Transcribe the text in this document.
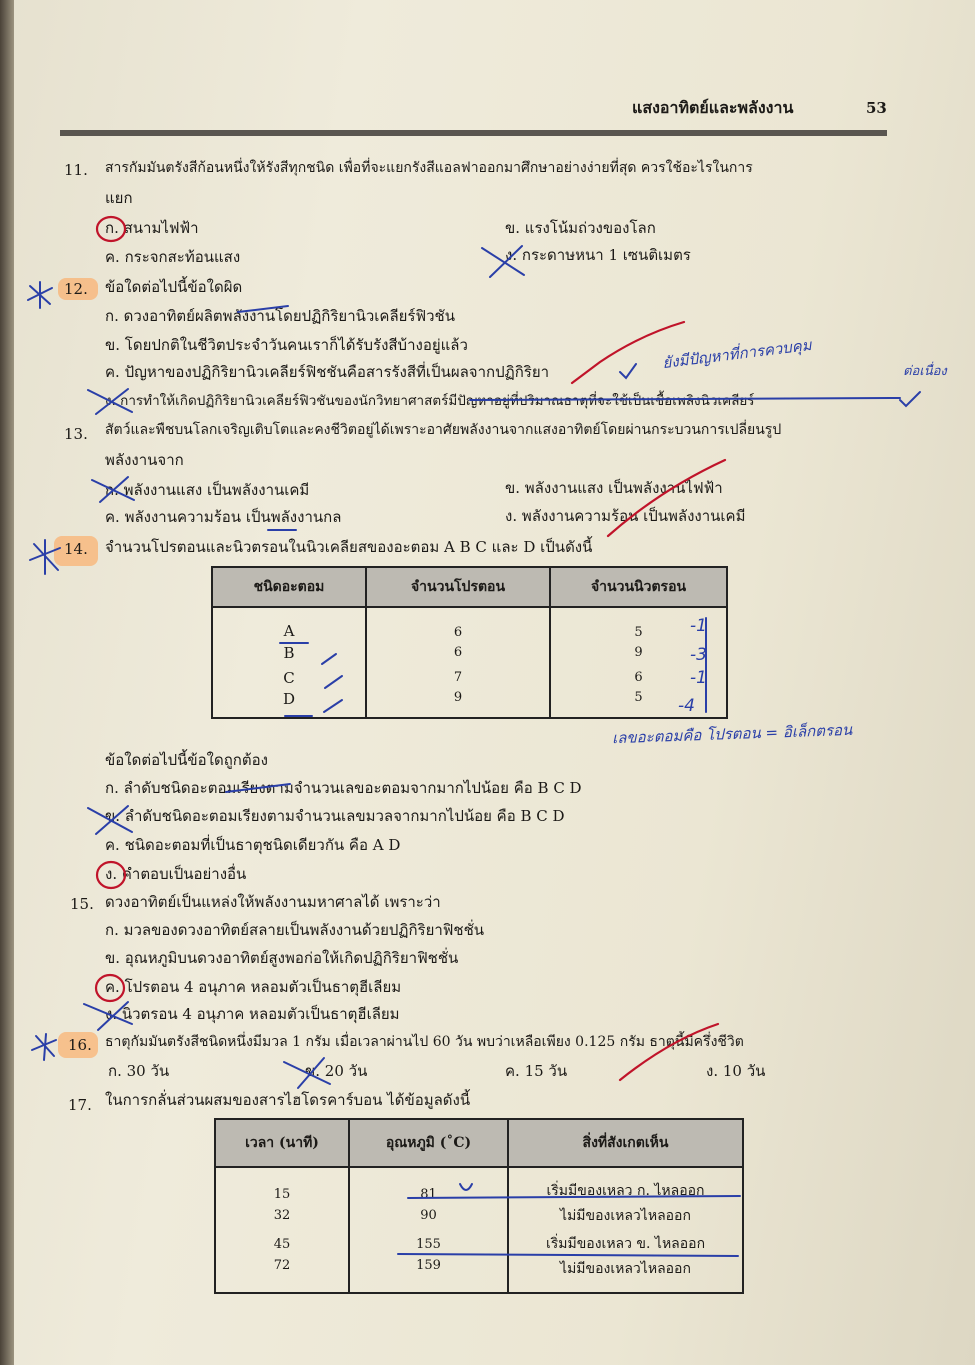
แสงอาทิตย์และพลังงาน	53
11. สารกัมมันตรังสีก้อนหนึ่งให้รังสีทุกชนิด เพื่อที่จะแยกรังสีแอลฟาออกมาศึกษาอย่างง่ายที่สุด ควรใช้อะไรในการ
แยก
ก. สนามไฟฟ้า	ข. แรงโน้มถ่วงของโลก
ค. กระจกสะท้อนแสง	ง. กระดาษหนา 1 เซนติเมตร
12. ข้อใดต่อไปนี้ข้อใดผิด
ก. ดวงอาทิตย์ผลิตพลังงานโดยปฏิกิริยานิวเคลียร์ฟิวชัน
ข. โดยปกติในชีวิตประจำวันคนเราก็ได้รับรังสีบ้างอยู่แล้ว
ค. ปัญหาของปฏิกิริยานิวเคลียร์ฟิชชันคือสารรังสีที่เป็นผลจากปฏิกิริยา
ง. การทำให้เกิดปฏิกิริยานิวเคลียร์ฟิวชันของนักวิทยาศาสตร์มีปัญหาอยู่ที่ปริมาณธาตุที่จะใช้เป็นเชื้อเพลิงนิวเคลียร์
13. สัตว์และพืชบนโลกเจริญเติบโตและคงชีวิตอยู่ได้เพราะอาศัยพลังงานจากแสงอาทิตย์โดยผ่านกระบวนการเปลี่ยนรูป
พลังงานจาก
ก. พลังงานแสง เป็นพลังงานเคมี	ข. พลังงานแสง เป็นพลังงานไฟฟ้า
ค. พลังงานความร้อน เป็นพลังงานกล	ง. พลังงานความร้อน เป็นพลังงานเคมี
14. จำนวนโปรตอนและนิวตรอนในนิวเคลียสของอะตอม A B C และ D เป็นดังนี้
ชนิดอะตอม	จำนวนโปรตอน	จำนวนนิวตรอน
A	6	5
B	6	9
C	7	6
D	9	5
ข้อใดต่อไปนี้ข้อใดถูกต้อง
ก. ลำดับชนิดอะตอมเรียงตามจำนวนเลขอะตอมจากมากไปน้อย คือ B C D
ข. ลำดับชนิดอะตอมเรียงตามจำนวนเลขมวลจากมากไปน้อย คือ B C D
ค. ชนิดอะตอมที่เป็นธาตุชนิดเดียวกัน คือ A D
ง. คำตอบเป็นอย่างอื่น
15. ดวงอาทิตย์เป็นแหล่งให้พลังงานมหาศาลได้ เพราะว่า
ก. มวลของดวงอาทิตย์สลายเป็นพลังงานด้วยปฏิกิริยาฟิชชั่น
ข. อุณหภูมิบนดวงอาทิตย์สูงพอก่อให้เกิดปฏิกิริยาฟิชชั่น
ค. โปรตอน 4 อนุภาค หลอมตัวเป็นธาตุฮีเลียม
ง. นิวตรอน 4 อนุภาค หลอมตัวเป็นธาตุฮีเลียม
16. ธาตุกัมมันตรังสีชนิดหนึ่งมีมวล 1 กรัม เมื่อเวลาผ่านไป 60 วัน พบว่าเหลือเพียง 0.125 กรัม ธาตุนี้มีครึ่งชีวิต
ก. 30 วัน	ข. 20 วัน	ค. 15 วัน	ง. 10 วัน
17. ในการกลั่นส่วนผสมของสารไฮโดรคาร์บอน ได้ข้อมูลดังนี้
เวลา (นาที)	อุณหภูมิ (˚C)	สิ่งที่สังเกตเห็น
15	81	เริ่มมีของเหลว ก. ไหลออก
32	90	ไม่มีของเหลวไหลออก
45	155	เริ่มมีของเหลว ข. ไหลออก
72	159	ไม่มีของเหลวไหลออก
ยังมีปัญหาที่การควบคุม	ต่อเนื่อง
-1
-3
-1
-4
เลขอะตอมคือ โปรตอน = อิเล็กตรอน
